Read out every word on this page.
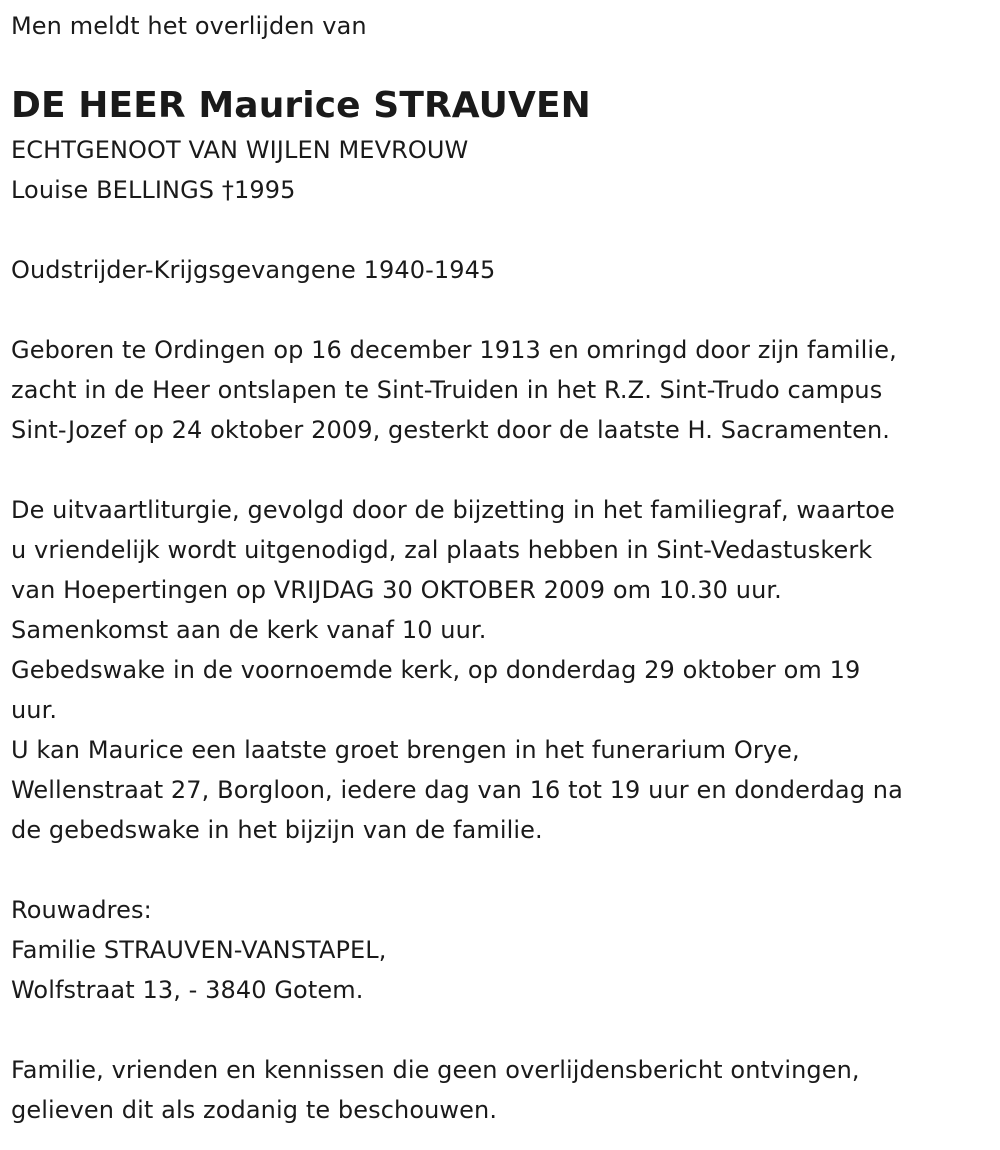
Men meldt het overlijden van
DE HEER Maurice STRAUVEN
ECHTGENOOT VAN WIJLEN MEVROUW
Louise BELLINGS †1995
Oudstrijder-Krijgsgevangene 1940-1945
Geboren te Ordingen op 16 december 1913 en omringd door zijn familie,
zacht in de Heer ontslapen te Sint-Truiden in het R.Z. Sint-Trudo campus
Sint-Jozef op 24 oktober 2009, gesterkt door de laatste H. Sacramenten.
De uitvaartliturgie, gevolgd door de bijzetting in het familiegraf, waartoe
u vriendelijk wordt uitgenodigd, zal plaats hebben in Sint-Vedastuskerk
van Hoepertingen op VRIJDAG 30 OKTOBER 2009 om 10.30 uur.
Samenkomst aan de kerk vanaf 10 uur.
Gebedswake in de voornoemde kerk, op donderdag 29 oktober om 19
uur.
U kan Maurice een laatste groet brengen in het funerarium Orye,
Wellenstraat 27, Borgloon, iedere dag van 16 tot 19 uur en donderdag na
de gebedswake in het bijzijn van de familie.
Rouwadres:
Familie STRAUVEN-VANSTAPEL,
Wolfstraat 13, - 3840 Gotem.
Familie, vrienden en kennissen die geen overlijdensbericht ontvingen,
gelieven dit als zodanig te beschouwen.
